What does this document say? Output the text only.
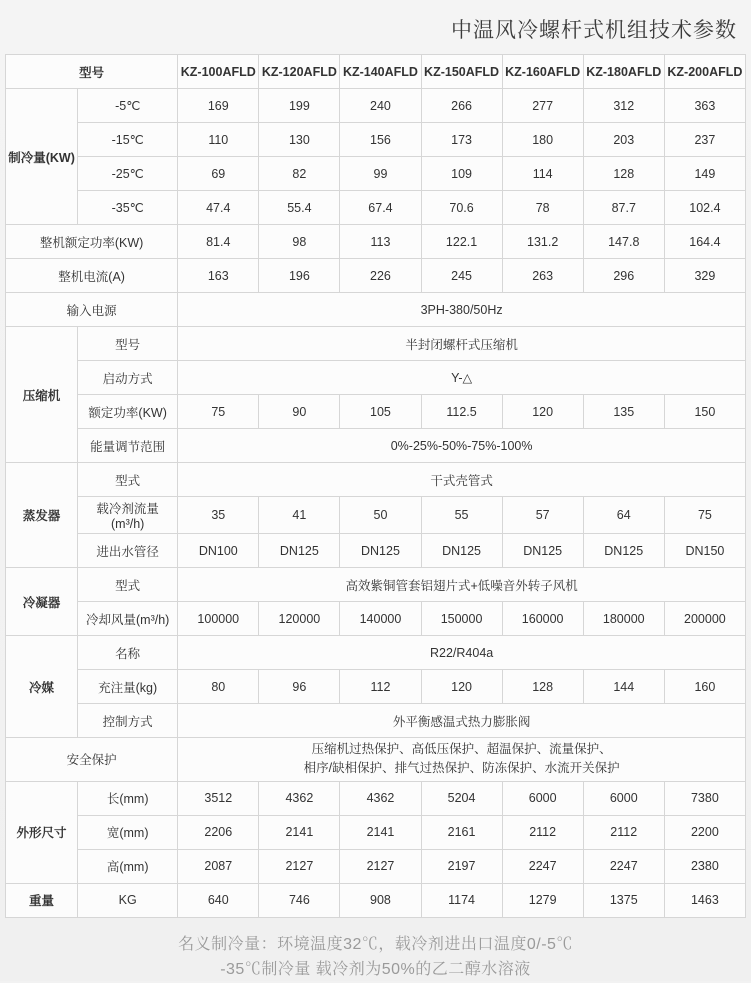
中温风冷螺杆式机组技术参数
型号		KZ-100AFLD	KZ-120AFLD	KZ-140AFLD	KZ-150AFLD	KZ-160AFLD	KZ-180AFLD	KZ-200AFLD
制冷量(KW)	-5℃	169	199	240	266	277	312	363
	-15℃	110	130	156	173	180	203	237
	-25℃	69	82	99	109	114	128	149
	-35℃	47.4	55.4	67.4	70.6	78	87.7	102.4
整机额定功率(KW)		81.4	98	113	122.1	131.2	147.8	164.4
整机电流(A)		163	196	226	245	263	296	329
输入电源		3PH-380/50Hz						
压缩机	型号	半封闭螺杆式压缩机						
	启动方式	Y-△						
	额定功率(KW)	75	90	105	112.5	120	135	150
	能量调节范围	0%-25%-50%-75%-100%						
蒸发器	型式	干式壳管式						
	载冷剂流量(m³/h)	35	41	50	55	57	64	75
	进出水管径	DN100	DN125	DN125	DN125	DN125	DN125	DN150
冷凝器	型式	高效紫铜管套铝翅片式+低噪音外转子风机						
	冷却风量(m³/h)	100000	120000	140000	150000	160000	180000	200000
冷媒	名称	R22/R404a						
	充注量(kg)	80	96	112	120	128	144	160
	控制方式	外平衡感温式热力膨胀阀						
安全保护		压缩机过热保护、高低压保护、超温保护、流量保护、
相序/缺相保护、排气过热保护、防冻保护、水流开关保护						

外形尺寸	长(mm)	3512	4362	4362	5204	6000	6000	7380
	宽(mm)	2206	2141	2141	2161	2112	2112	2200
	高(mm)	2087	2127	2127	2197	2247	2247	2380
重量	KG	640	746	908	1174	1279	1375	1463
名义制冷量：环境温度32℃，载冷剂进出口温度0/-5℃
-35℃制冷量 载冷剂为50%的乙二醇水溶液
